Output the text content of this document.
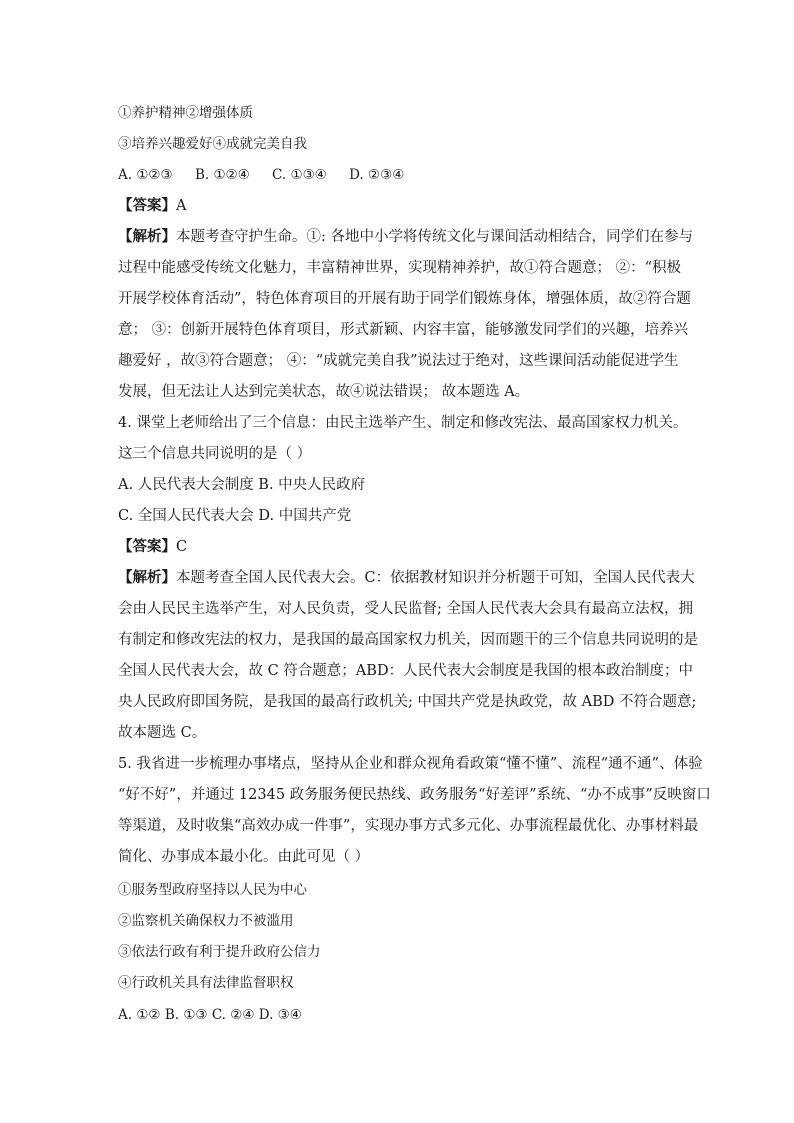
①养护精神②增强体质
③培养兴趣爱好④成就完美自我
A. ①②③ B. ①②④ C. ①③④ D. ②③④
【答案】A
【解析】本题考查守护生命。①: 各地中小学将传统文化与课间活动相结合，同学们在参与
过程中能感受传统文化魅力，丰富精神世界，实现精神养护，故①符合题意； ②：“积极
开展学校体育活动”，特色体育项目的开展有助于同学们锻炼身体，增强体质，故②符合题
意； ③：创新开展特色体育项目，形式新颖、内容丰富，能够激发同学们的兴趣，培养兴
趣爱好 ，故③符合题意； ④：“成就完美自我”说法过于绝对，这些课间活动能促进学生
发展，但无法让人达到完美状态，故④说法错误； 故本题选 A。
4. 课堂上老师给出了三个信息：由民主选举产生、制定和修改宪法、最高国家权力机关。
这三个信息共同说明的是（ ）
A. 人民代表大会制度 B. 中央人民政府
C. 全国人民代表大会 D. 中国共产党
【答案】C
【解析】本题考查全国人民代表大会。C：依据教材知识并分析题干可知，全国人民代表大
会由人民民主选举产生，对人民负责，受人民监督; 全国人民代表大会具有最高立法权，拥
有制定和修改宪法的权力，是我国的最高国家权力机关，因而题干的三个信息共同说明的是
全国人民代表大会，故 C 符合题意；ABD：人民代表大会制度是我国的根本政治制度；中
央人民政府即国务院，是我国的最高行政机关; 中国共产党是执政党，故 ABD 不符合题意;
故本题选 C。
5. 我省进一步梳理办事堵点，坚持从企业和群众视角看政策“懂不懂”、流程“通不通”、体验
“好不好”，并通过 12345 政务服务便民热线、政务服务“好差评”系统、“办不成事”反映窗口
等渠道，及时收集“高效办成一件事”，实现办事方式多元化、办事流程最优化、办事材料最
简化、办事成本最小化。由此可见（ ）
①服务型政府坚持以人民为中心
②监察机关确保权力不被滥用
③依法行政有利于提升政府公信力
④行政机关具有法律监督职权
A. ①② B. ①③ C. ②④ D. ③④
